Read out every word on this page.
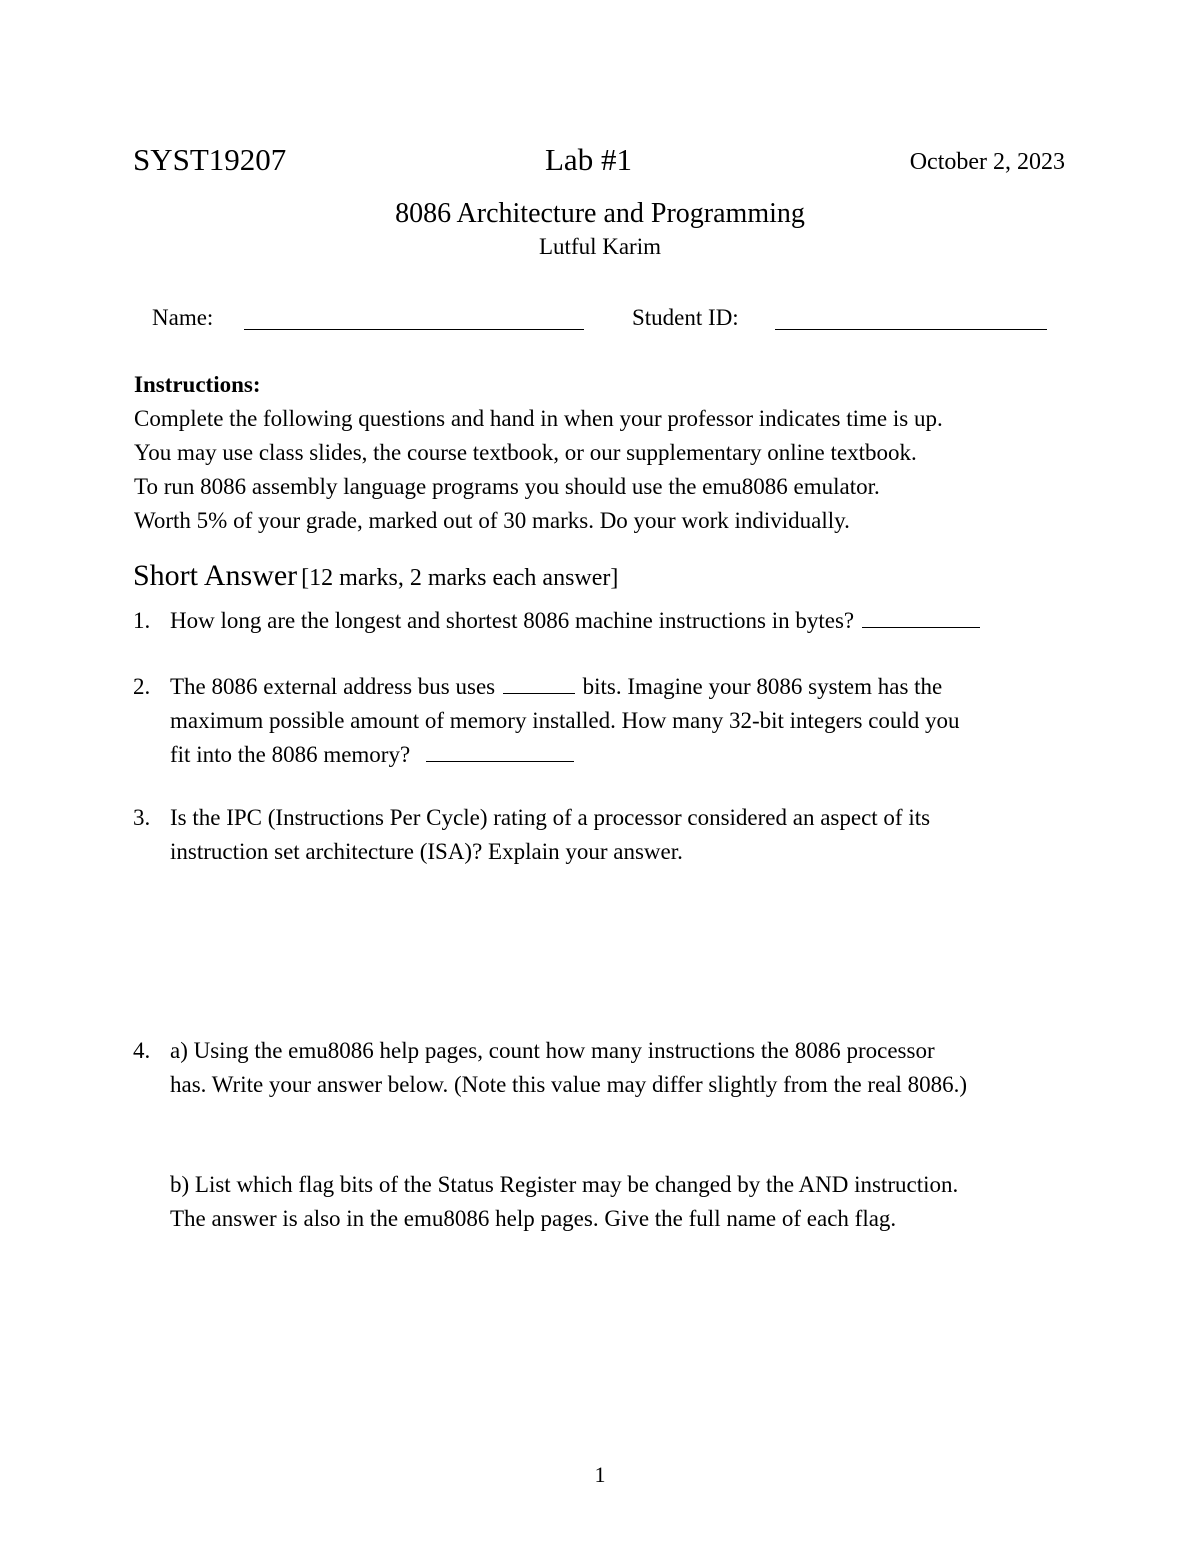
SYST19207	Lab #1	October 2, 2023
8086 Architecture and Programming
Lutful Karim
Name:	Student ID:
Instructions:
Complete the following questions and hand in when your professor indicates time is up.
You may use class slides, the course textbook, or our supplementary online textbook.
To run 8086 assembly language programs you should use the emu8086 emulator.
Worth 5% of your grade, marked out of 30 marks. Do your work individually.
Short Answer [12 marks, 2 marks each answer]
1. How long are the longest and shortest 8086 machine instructions in bytes?
2. The 8086 external address bus uses	bits. Imagine your 8086 system has the
maximum possible amount of memory installed. How many 32-bit integers could you
fit into the 8086 memory?
3. Is the IPC (Instructions Per Cycle) rating of a processor considered an aspect of its
instruction set architecture (ISA)? Explain your answer.
4. a) Using the emu8086 help pages, count how many instructions the 8086 processor
has. Write your answer below. (Note this value may differ slightly from the real 8086.)
b) List which flag bits of the Status Register may be changed by the AND instruction.
The answer is also in the emu8086 help pages. Give the full name of each flag.
1
